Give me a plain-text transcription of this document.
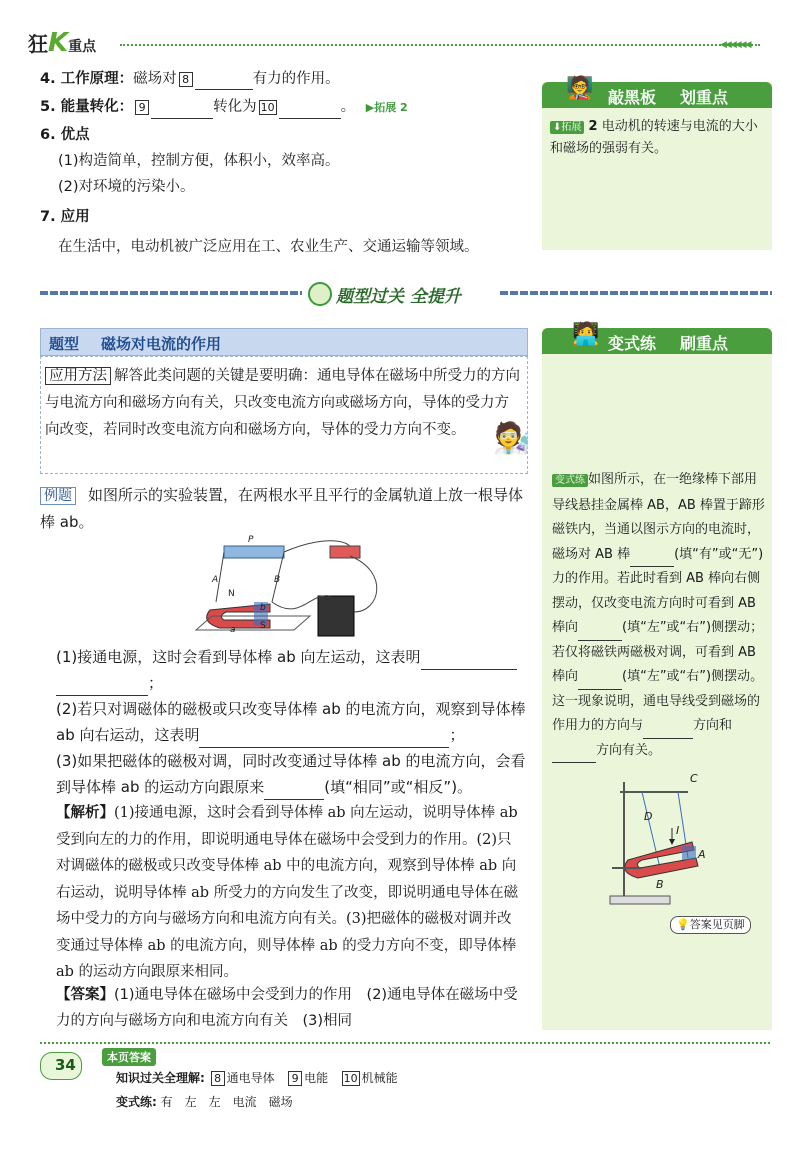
狂K重点	◀◀◀◀◀◀
4. 工作原理：磁场对 8	有力的作用。
5. 能量转化： 9	转化为 10	。 ▶拓展 2
6. 优点
(1)构造简单，控制方便，体积小，效率高。
(2)对环境的污染小。
7. 应用
在生活中，电动机被广泛应用在工、农业生产、交通运输等领域。
🧑‍🏫 敲黑板 划重点
⬇拓展 2 电动机的转速与电流的大小和磁场的强弱有关。
题型过关 全提升
题型 磁场对电流的作用
应用方法 解答此类问题的关键是要明确：通电导体在磁场中所受力的方向与电流方向和磁场方向有关，只改变电流方向或磁场方向，导体的受力方向改变，若同时改变电流方向和磁场方向，导体的受力方向不变。 🧑‍🔬
例题 如图所示的实验装置，在两根水平且平行的金属轨道上放一根导体棒 ab。
P
A	B
N
S
b
a
(1)接通电源，这时会看到导体棒 ab 向左运动，这表明
；
(2)若只对调磁体的磁极或只改变导体棒 ab 的电流方向，观察到导体棒 ab 向右运动，这表明	；
(3)如果把磁体的磁极对调，同时改变通过导体棒 ab 的电流方向，会看到导体棒 ab 的运动方向跟原来	(填“相同”或“相反”)。
【解析】(1)接通电源，这时会看到导体棒 ab 向左运动，说明导体棒 ab 受到向左的力的作用，即说明通电导体在磁场中会受到力的作用。(2)只对调磁体的磁极或只改变导体棒 ab 中的电流方向，观察到导体棒 ab 向右运动，说明导体棒 ab 所受力的方向发生了改变，即说明通电导体在磁场中受力的方向与磁场方向和电流方向有关。(3)把磁体的磁极对调并改变通过导体棒 ab 的电流方向，则导体棒 ab 的受力方向不变，即导体棒 ab 的运动方向跟原来相同。
【答案】(1)通电导体在磁场中会受到力的作用　(2)通电导体在磁场中受力的方向与磁场方向和电流方向有关　(3)相同
🧑‍💻 变式练 刷重点
变式练 如图所示，在一绝缘棒下部用导线悬挂金属棒 AB，AB 棒置于蹄形磁铁内，当通以图示方向的电流时，磁场对 AB 棒	(填“有”或“无”)力的作用。若此时看到 AB 棒向右侧摆动，仅改变电流方向时可看到 AB 棒向	(填“左”或“右”)侧摆动；若仅将磁铁两磁极对调，可看到 AB 棒向	(填“左”或“右”)侧摆动。这一现象说明，通电导线受到磁场的作用力的方向与	方向和方向有关。
C
D
I
A
B
💡答案见页脚
34	本页答案
知识过关全理解: 8 通电导体 9 电能 10 机械能
变式练: 有　左　左　电流　磁场
